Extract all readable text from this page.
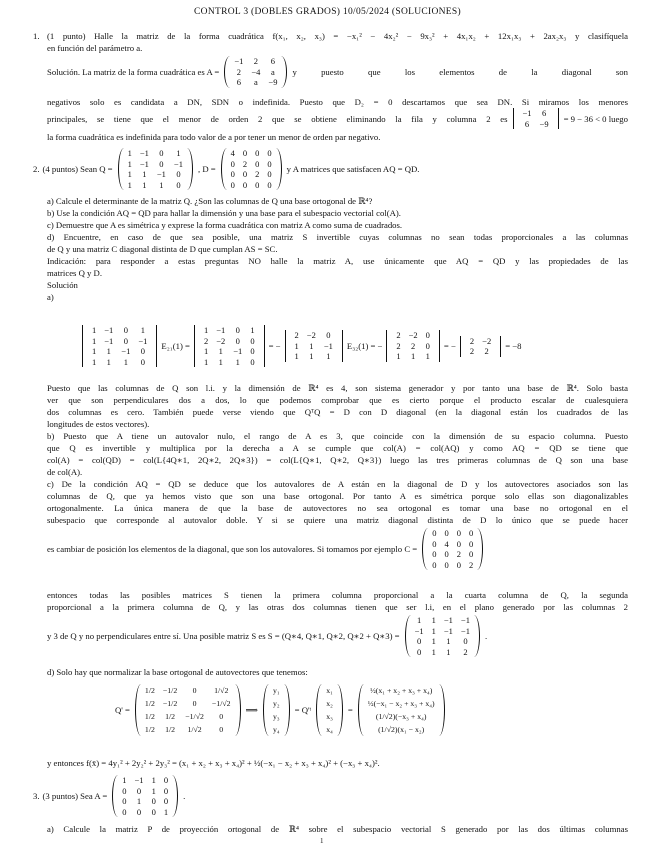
CONTROL 3 (DOBLES GRADOS) 10/05/2024 (SOLUCIONES)
1. (1 punto) Halle la matriz de la forma cuadrática f(x₁, x₂, x₃) = −x₁² − 4x₂² − 9x₃² + 4x₁x₂ + 12x₁x₃ + 2ax₂x₃ y clasifíquela
en función del parámetro a.
Solución. La matriz de la forma cuadrática es A =
−1	2	6
2	−4	a
6	a	−9
y puesto que los elementos de la diagonal son
negativos solo es candidata a DN, SDN o indefinida. Puesto que D₂ = 0 descartamos que sea DN. Si miramos los menores
principales, se tiene que el menor de orden 2 que se obtiene eliminando la fila y columna 2 es
−1	6
6	−9 = 9 − 36 < 0 luego
la forma cuadrática es indefinida para todo valor de a por tener un menor de orden par negativo.
2. (4 puntos) Sean Q =
1	−1	0	1
1	−1	0	−1
1	1	−1	0
1	1	1	0
, D =
4	0	0	0
0	2	0	0
0	0	2	0
0	0	0	0
y A matrices que satisfacen AQ = QD.
a) Calcule el determinante de la matriz Q. ¿Son las columnas de Q una base ortogonal de ℝ⁴?
b) Use la condición AQ = QD para hallar la dimensión y una base para el subespacio vectorial col(A).
c) Demuestre que A es simétrica y exprese la forma cuadrática con matriz A como suma de cuadrados.
d) Encuentre, en caso de que sea posible, una matriz S invertible cuyas columnas no sean todas proporcionales a las columnas
de Q y una matriz C diagonal distinta de D que cumplan AS = SC.
Indicación: para responder a estas preguntas NO halle la matriz A, use únicamente que AQ = QD y las propiedades de las
matrices Q y D.
Solución
a)
1	−1	0	1
1	−1	0	−1
1	1	−1	0
1	1	1	0
E₂₁(1) =
1	−1	0	1
2	−2	0	0
1	1	−1	0
1	1	1	0
= −
2	−2	0
1	1	−1
1	1	1
E₃₂(1) = −
2	−2	0
2	2	0
1	1	1
= −
2	−2
2	2 = −8
Puesto que las columnas de Q son l.i. y la dimensión de ℝ⁴ es 4, son sistema generador y por tanto una base de ℝ⁴. Solo basta
ver que son perpendiculares dos a dos, lo que podemos comprobar que es cierto porque el producto escalar de cualesquiera
dos columnas es cero. También puede verse viendo que QᵀQ = D con D diagonal (en la diagonal están los cuadrados de las
longitudes de estos vectores).
b) Puesto que A tiene un autovalor nulo, el rango de A es 3, que coincide con la dimensión de su espacio columna. Puesto
que Q es invertible y multiplica por la derecha a A se cumple que col(A) = col(AQ) y como AQ = QD se tiene que
col(A) = col(QD) = col(L{4Q∗1, 2Q∗2, 2Q∗3}) = col(L{Q∗1, Q∗2, Q∗3}) luego las tres primeras columnas de Q son una base
de col(A).
c) De la condición AQ = QD se deduce que los autovalores de A están en la diagonal de D y los autovectores asociados son las
columnas de Q, que ya hemos visto que son una base ortogonal. Por tanto A es simétrica porque solo ellas son diagonalizables
ortogonalmente. La única manera de que la base de autovectores no sea ortogonal es tomar una base no ortogonal en el
subespacio que corresponde al autovalor doble. Y si se quiere una matriz diagonal distinta de D lo único que se puede hacer
es cambiar de posición los elementos de la diagonal, que son los autovalores. Si tomamos por ejemplo C =
0	0	0	0
0	4	0	0
0	0	2	0
0	0	0	2
entonces todas las posibles matrices S tienen la primera columna proporcional a la cuarta columna de Q, la segunda
proporcional a la primera columna de Q, y las otras dos columnas tienen que ser l.i, en el plano generado por las columnas 2
y 3 de Q y no perpendiculares entre sí. Una posible matriz S es S = (Q∗4, Q∗1, Q∗2, Q∗2 + Q∗3) =
1	1	−1	−1
−1	1	−1	−1
0	1	1	0
0	1	1	2
.
d) Solo hay que normalizar la base ortogonal de autovectores que tenemos:
Q' =
1/2	−1/2	0	1/√2
1/2	−1/2	0	−1/√2
1/2	1/2	−1/√2	0
1/2	1/2	1/√2	0
⟹
y₁
y₂
y₃
y₄
= Q'ᵗ
x₁
x₂
x₃
x₄
=
½(x₁ + x₂ + x₃ + x₄)
½(−x₁ − x₂ + x₃ + x₄)
(1/√2)(−x₃ + x₄)
(1/√2)(x₁ − x₂)
y entonces f(x̄) = 4y₁² + 2y₂² + 2y₃² = (x₁ + x₂ + x₃ + x₄)² + ½(−x₁ − x₂ + x₃ + x₄)² + (−x₃ + x₄)².
3. (3 puntos) Sea A =
1	−1	1	0
0	0	1	0
0	1	0	0
0	0	0	1
.
a) Calcule la matriz P de proyección ortogonal de ℝ⁴ sobre el subespacio vectorial S generado por las dos últimas columnas
1
